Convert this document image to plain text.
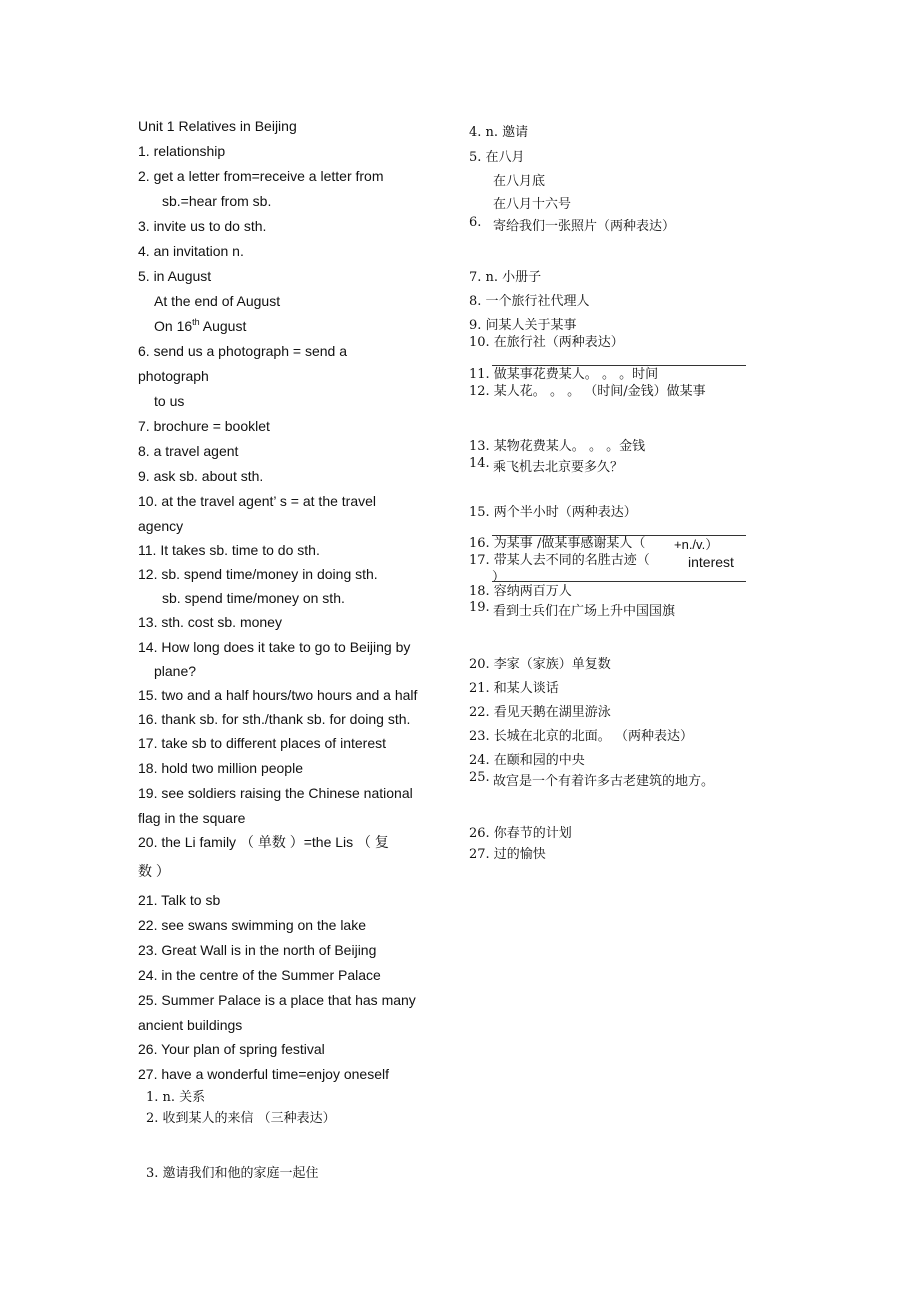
Unit 1 Relatives in Beijing
1. relationship
2. get a letter from=receive a letter from
sb.=hear from sb.
3. invite us to do sth.
4. an invitation n.
5. in August
At the end of August
On 16th August
6. send us a photograph = send a
photograph
to us
7. brochure = booklet
8. a travel agent
9. ask sb. about sth.
10. at the travel agent’ s = at the travel
agency
11. It takes sb. time to do sth.
12. sb. spend time/money in doing sth.
sb. spend time/money on sth.
13. sth. cost sb. money
14. How long does it take to go to Beijing by
plane?
15. two and a half hours/two hours and a half
16. thank sb. for sth./thank sb. for doing sth.
17. take sb to different places of interest
18. hold two million people
19. see soldiers raising the Chinese national
flag in the square
20. the Li family （ 单数 ）=the Lis （ 复
数 ）
21. Talk to sb
22. see swans swimming on the lake
23. Great Wall is in the north of Beijing
24. in the centre of the Summer Palace
25. Summer Palace is a place that has many
ancient buildings
26. Your plan of spring festival
27. have a wonderful time=enjoy oneself
1. n. 关系
2. 收到某人的来信 （三种表达）
3. 邀请我们和他的家庭一起住
4. n. 邀请
5. 在八月
在八月底
在八月十六号
6. 寄给我们一张照片（两种表达）
7. n. 小册子
8. 一个旅行社代理人
9. 问某人关于某事
10. 在旅行社（两种表达）
11. 做某事花费某人。 。 。时间
12. 某人花。 。 。 （时间/金钱）做某事
13. 某物花费某人。 。 。金钱
14. 乘飞机去北京要多久？
15. 两个半小时（两种表达）
16. 为某事 /做某事感谢某人（ +n./v.）
17. 带某人去不同的名胜古迹（	interest
）
18. 容纳两百万人
19. 看到士兵们在广场上升中国国旗
20. 李家（家族）单复数
21. 和某人谈话
22. 看见天鹅在湖里游泳
23. 长城在北京的北面。 （两种表达）
24. 在颐和园的中央
25. 故宫是一个有着许多古老建筑的地方。
26. 你春节的计划
27. 过的愉快
